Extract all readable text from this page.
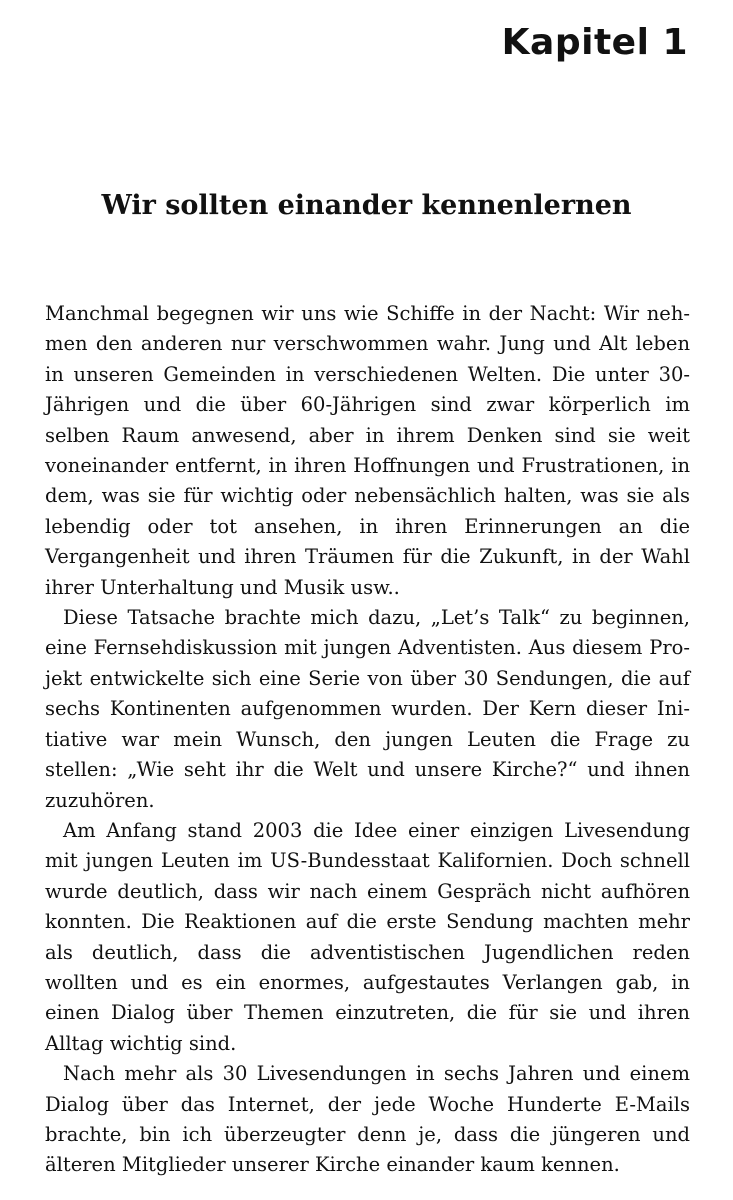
Kapitel 1
Wir sollten einander kennenlernen

Manchmal begegnen wir uns wie Schiffe in der Nacht: Wir nehmen den anderen nur verschwommen wahr. Jung und Alt leben in unseren Gemeinden in verschiedenen Welten. Die unter 30-Jährigen und die über 60-Jährigen sind zwar körperlich im selben Raum anwesend, aber in ihrem Denken sind sie weit voneinander entfernt, in ihren Hoffnungen und Frustrationen, in dem, was sie für wichtig oder nebensächlich halten, was sie als lebendig oder tot ansehen, in ihren Erinnerungen an die Vergangenheit und ihren Träumen für die Zukunft, in der Wahl ihrer Unterhaltung und Musik usw..

Diese Tatsache brachte mich dazu, „Let’s Talk“ zu beginnen, eine Fernsehdiskussion mit jungen Adventisten. Aus diesem Projekt entwickelte sich eine Serie von über 30 Sendungen, die auf sechs Kontinenten aufgenommen wurden. Der Kern dieser Initiative war mein Wunsch, den jungen Leuten die Frage zu stellen: „Wie seht ihr die Welt und unsere Kirche?“ und ihnen zuzuhören.

Am Anfang stand 2003 die Idee einer einzigen Livesendung mit jungen Leuten im US-Bundesstaat Kalifornien. Doch schnell wurde deutlich, dass wir nach einem Gespräch nicht aufhören konnten. Die Reaktionen auf die erste Sendung machten mehr als deutlich, dass die adventistischen Jugendlichen reden wollten und es ein enormes, aufgestautes Verlangen gab, in einen Dialog über Themen einzutreten, die für sie und ihren Alltag wichtig sind.

Nach mehr als 30 Livesendungen in sechs Jahren und einem Dialog über das Internet, der jede Woche Hunderte E-Mails brachte, bin ich überzeugter denn je, dass die jüngeren und älteren Mitglieder unserer Kirche einander kaum kennen.
